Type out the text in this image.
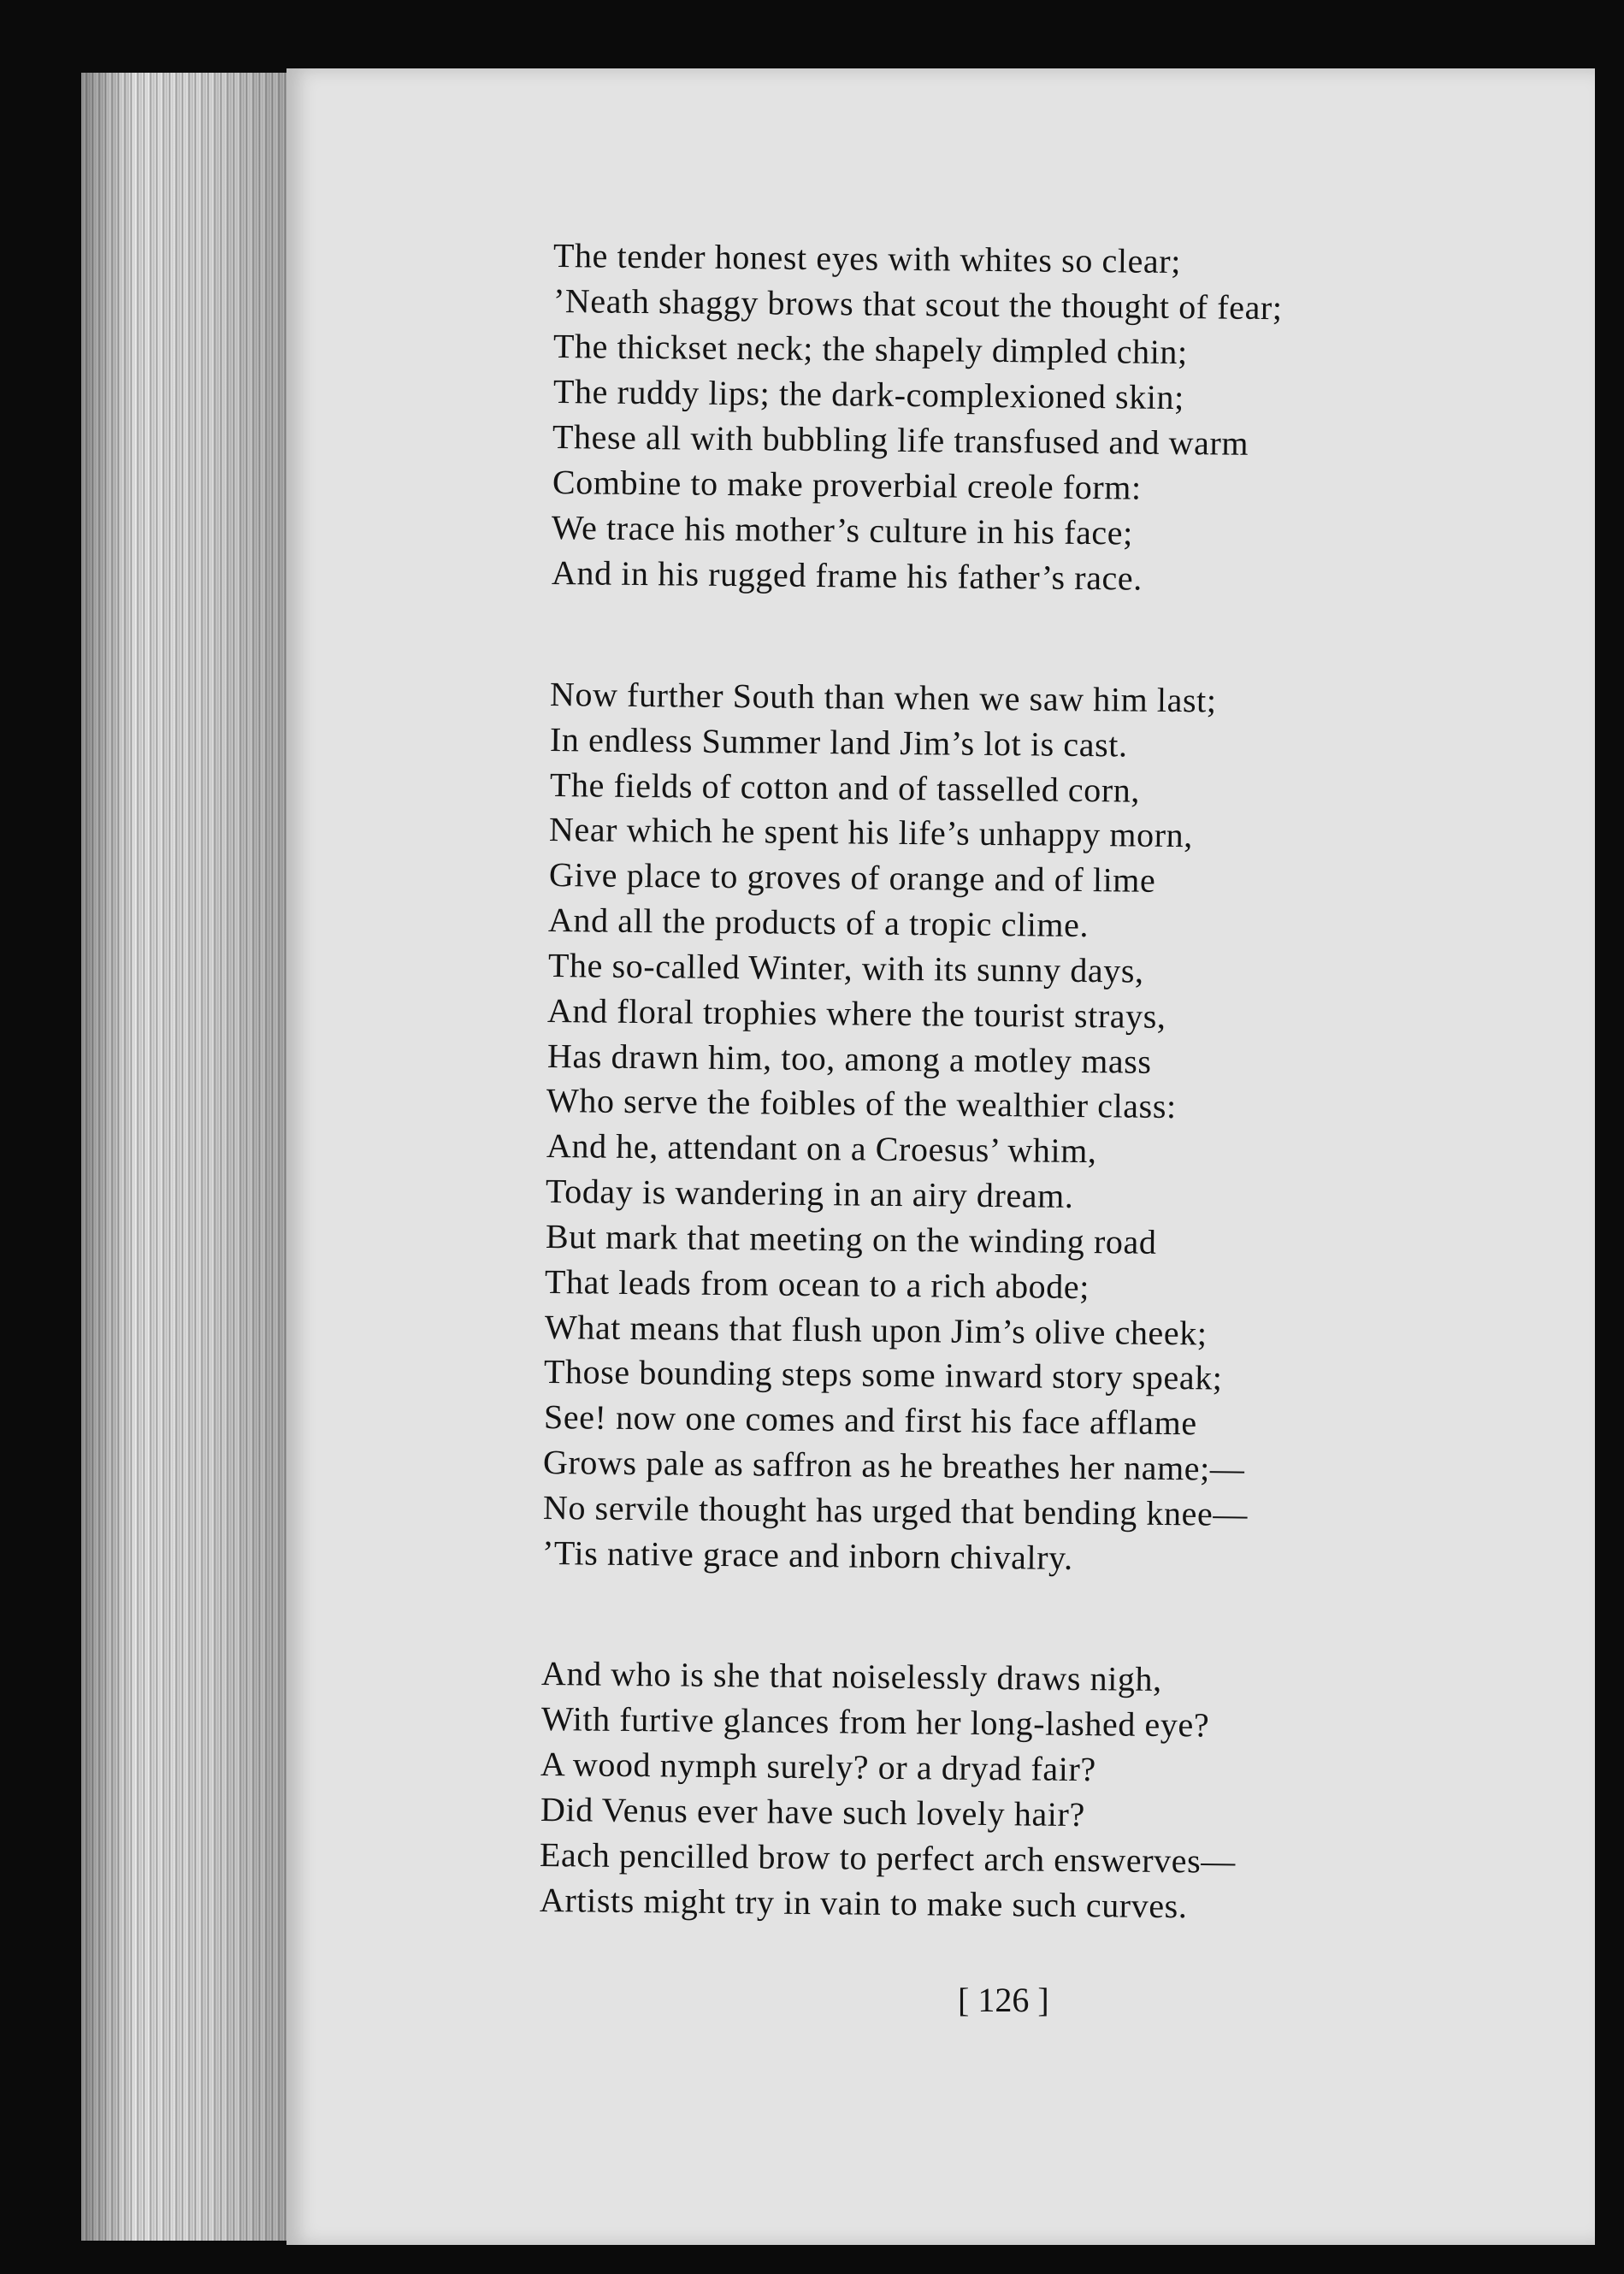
The tender honest eyes with whites so clear;
’Neath shaggy brows that scout the thought of fear;
The thickset neck; the shapely dimpled chin;
The ruddy lips; the dark-complexioned skin;
These all with bubbling life transfused and warm
Combine to make proverbial creole form:
We trace his mother’s culture in his face;
And in his rugged frame his father’s race.
Now further South than when we saw him last;
In endless Summer land Jim’s lot is cast.
The fields of cotton and of tasselled corn,
Near which he spent his life’s unhappy morn,
Give place to groves of orange and of lime
And all the products of a tropic clime.
The so-called Winter, with its sunny days,
And floral trophies where the tourist strays,
Has drawn him, too, among a motley mass
Who serve the foibles of the wealthier class:
And he, attendant on a Croesus’ whim,
Today is wandering in an airy dream.
But mark that meeting on the winding road
That leads from ocean to a rich abode;
What means that flush upon Jim’s olive cheek;
Those bounding steps some inward story speak;
See! now one comes and first his face afflame
Grows pale as saffron as he breathes her name;—
No servile thought has urged that bending knee—
’Tis native grace and inborn chivalry.
And who is she that noiselessly draws nigh,
With furtive glances from her long-lashed eye?
A wood nymph surely? or a dryad fair?
Did Venus ever have such lovely hair?
Each pencilled brow to perfect arch enswerves—
Artists might try in vain to make such curves.
[ 126 ]
